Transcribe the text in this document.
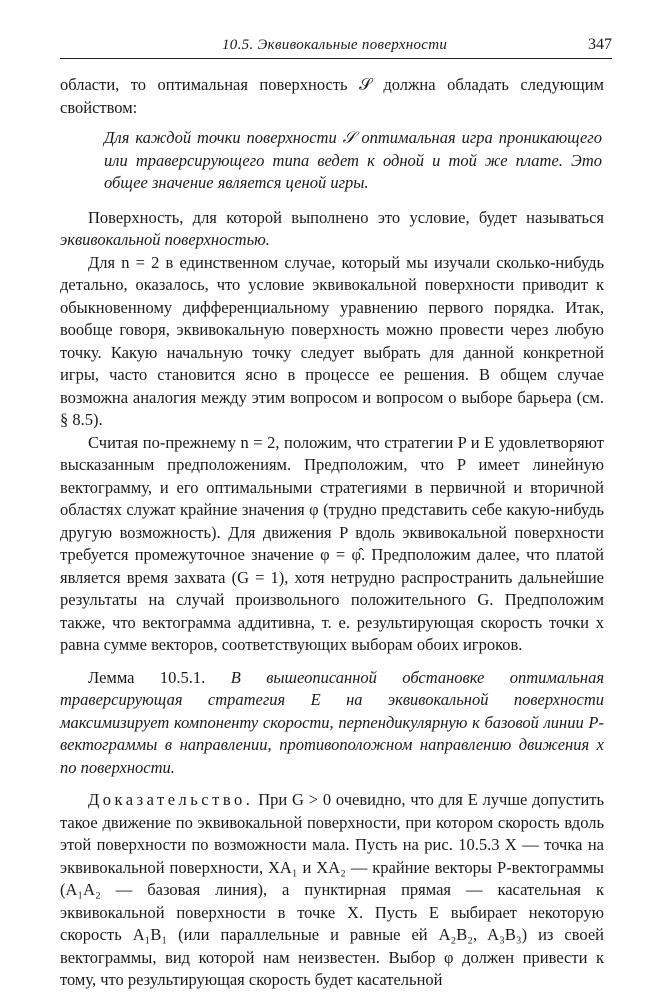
10.5. Эквивокальные поверхности	347

области, то оптимальная поверхность 𝒮 должна обладать следующим свойством:

Для каждой точки поверхности 𝒮 оптимальная игра проникающего или траверсирующего типа ведет к одной и той же плате. Это общее значение является ценой игры.

Поверхность, для которой выполнено это условие, будет называться эквивокальной поверхностью.

Для n = 2 в единственном случае, который мы изучали сколько-нибудь детально, оказалось, что условие эквивокальной поверхности приводит к обыкновенному дифференциальному уравнению первого порядка. Итак, вообще говоря, эквивокальную поверхность можно провести через любую точку. Какую начальную точку следует выбрать для данной конкретной игры, часто становится ясно в процессе ее решения. В общем случае возможна аналогия между этим вопросом и вопросом о выборе барьера (см. § 8.5).

Считая по-прежнему n = 2, положим, что стратегии P и E удовлетворяют высказанным предположениям. Предположим, что P имеет линейную вектограмму, и его оптимальными стратегиями в первичной и вторичной областях служат крайние значения φ (трудно представить себе какую-нибудь другую возможность). Для движения P вдоль эквивокальной поверхности требуется промежуточное значение φ = φ̂. Предположим далее, что платой является время захвата (G = 1), хотя нетрудно распространить дальнейшие результаты на случай произвольного положительного G. Предположим также, что вектограмма аддитивна, т. е. результирующая скорость точки x равна сумме векторов, соответствующих выборам обоих игроков.

Лемма 10.5.1. В вышеописанной обстановке оптимальная траверсирующая стратегия E на эквивокальной поверхности максимизирует компоненту скорости, перпендикулярную к базовой линии P-вектограммы в направлении, противоположном направлению движения x по поверхности.

Доказательство. При G > 0 очевидно, что для E лучше допустить такое движение по эквивокальной поверхности, при котором скорость вдоль этой поверхности по возможности мала. Пусть на рис. 10.5.3 X — точка на эквивокальной поверхности, XA₁ и XA₂ — крайние векторы P-вектограммы (A₁A₂ — базовая линия), а пунктирная прямая — касательная к эквивокальной поверхности в точке X. Пусть E выбирает некоторую скорость A₁B₁ (или параллельные и равные ей A₂B₂, A₃B₃) из своей вектограммы, вид которой нам неизвестен. Выбор φ должен привести к тому, что результирующая скорость будет касательной
